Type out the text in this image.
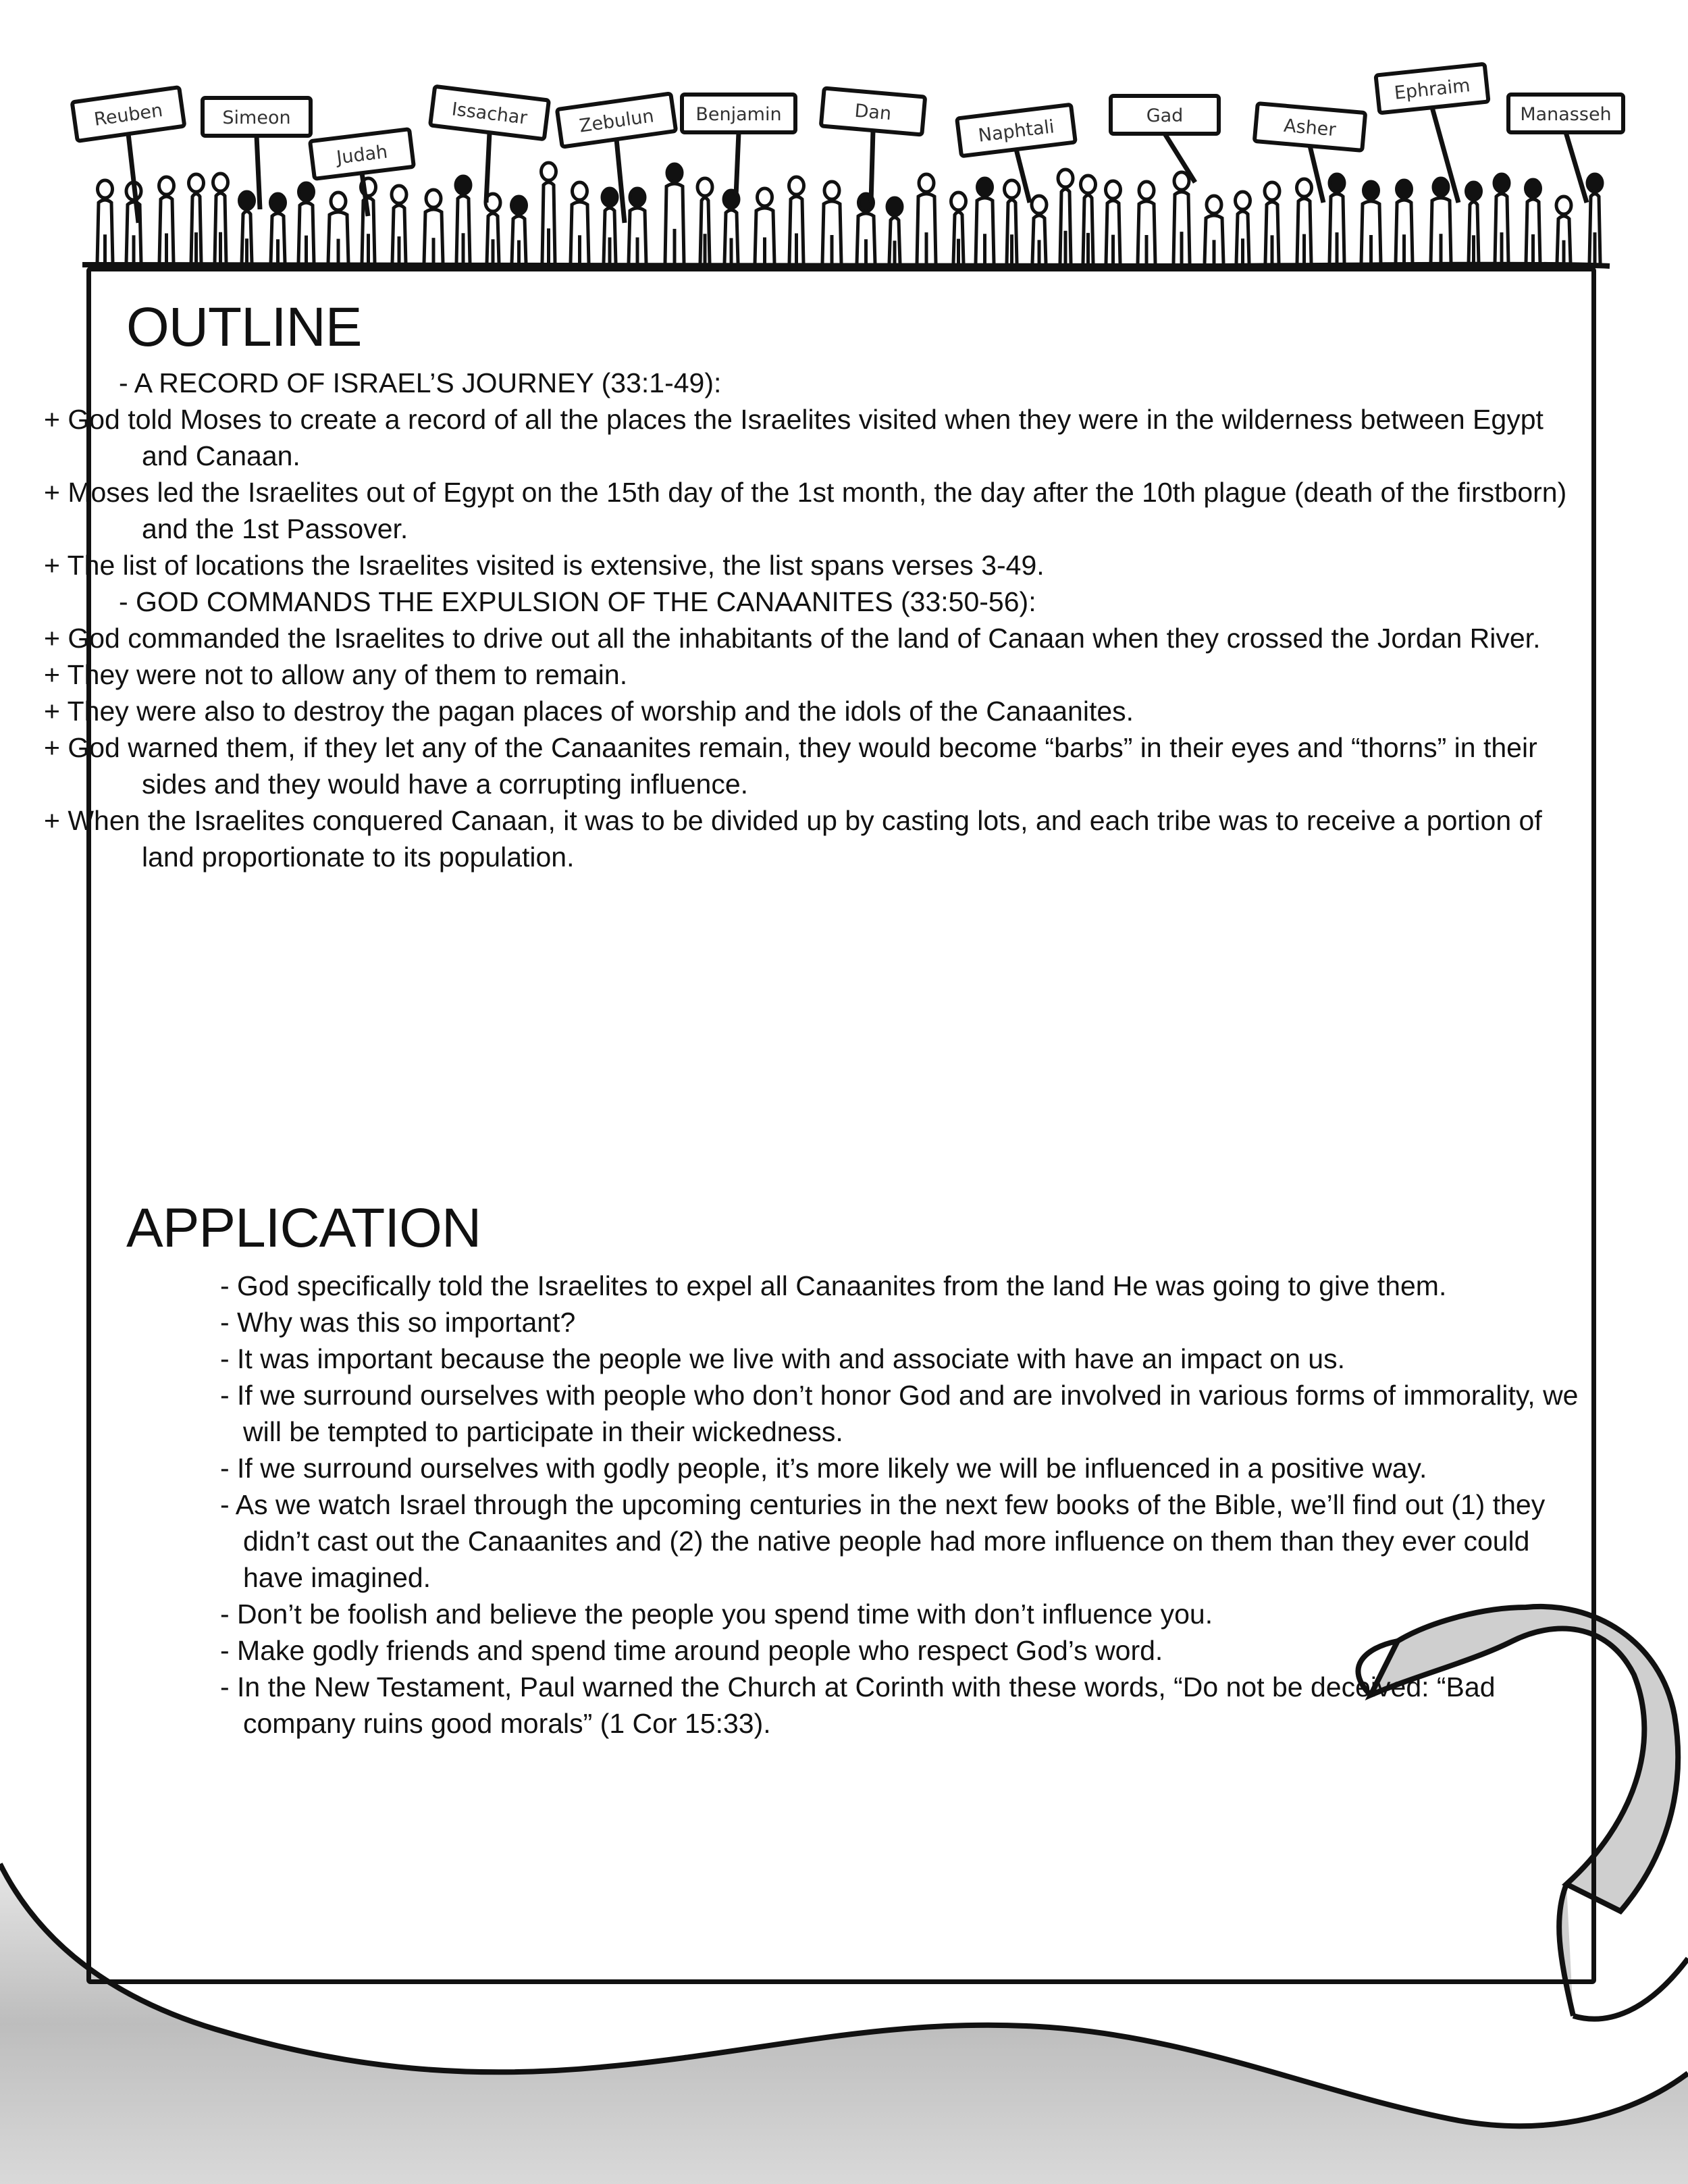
Reuben	Simeon
Judah
Issachar	Zebulun Benjamin	Dan
Naphtali
Gad	Asher
Ephraim
Manasseh
OUTLINE
- A RECORD OF ISRAEL’S JOURNEY (33:1-49):
+ God told Moses to create a record of all the places the Israelites visited when they were in the wilderness between Egypt and Canaan.
+ Moses led the Israelites out of Egypt on the 15th day of the 1st month, the day after the 10th plague (death of the firstborn) and the 1st Passover.
+ The list of locations the Israelites visited is extensive, the list spans verses 3-49.
- GOD COMMANDS THE EXPULSION OF THE CANAANITES (33:50-56):
+ God commanded the Israelites to drive out all the inhabitants of the land of Canaan when they crossed the Jordan River.
+ They were not to allow any of them to remain.
+ They were also to destroy the pagan places of worship and the idols of the Canaanites.
+ God warned them, if they let any of the Canaanites remain, they would become “barbs” in their eyes and “thorns” in their sides and they would have a corrupting influence.
+ When the Israelites conquered Canaan, it was to be divided up by casting lots, and each tribe was to receive a portion of land proportionate to its population.
APPLICATION
- God specifically told the Israelites to expel all Canaanites from the land He was going to give them.
- Why was this so important?
- It was important because the people we live with and associate with have an impact on us.
- If we surround ourselves with people who don’t honor God and are involved in various forms of immorality, we will be tempted to participate in their wickedness.
- If we surround ourselves with godly people, it’s more likely we will be influenced in a positive way.
- As we watch Israel through the upcoming centuries in the next few books of the Bible, we’ll find out (1) they didn’t cast out the Canaanites and (2) the native people had more influence on them than they ever could have imagined.
- Don’t be foolish and believe the people you spend time with don’t influence you.
- Make godly friends and spend time around people who respect God’s word.
- In the New Testament, Paul warned the Church at Corinth with these words, “Do not be deceived: “Bad company ruins good morals” (1 Cor 15:33).
